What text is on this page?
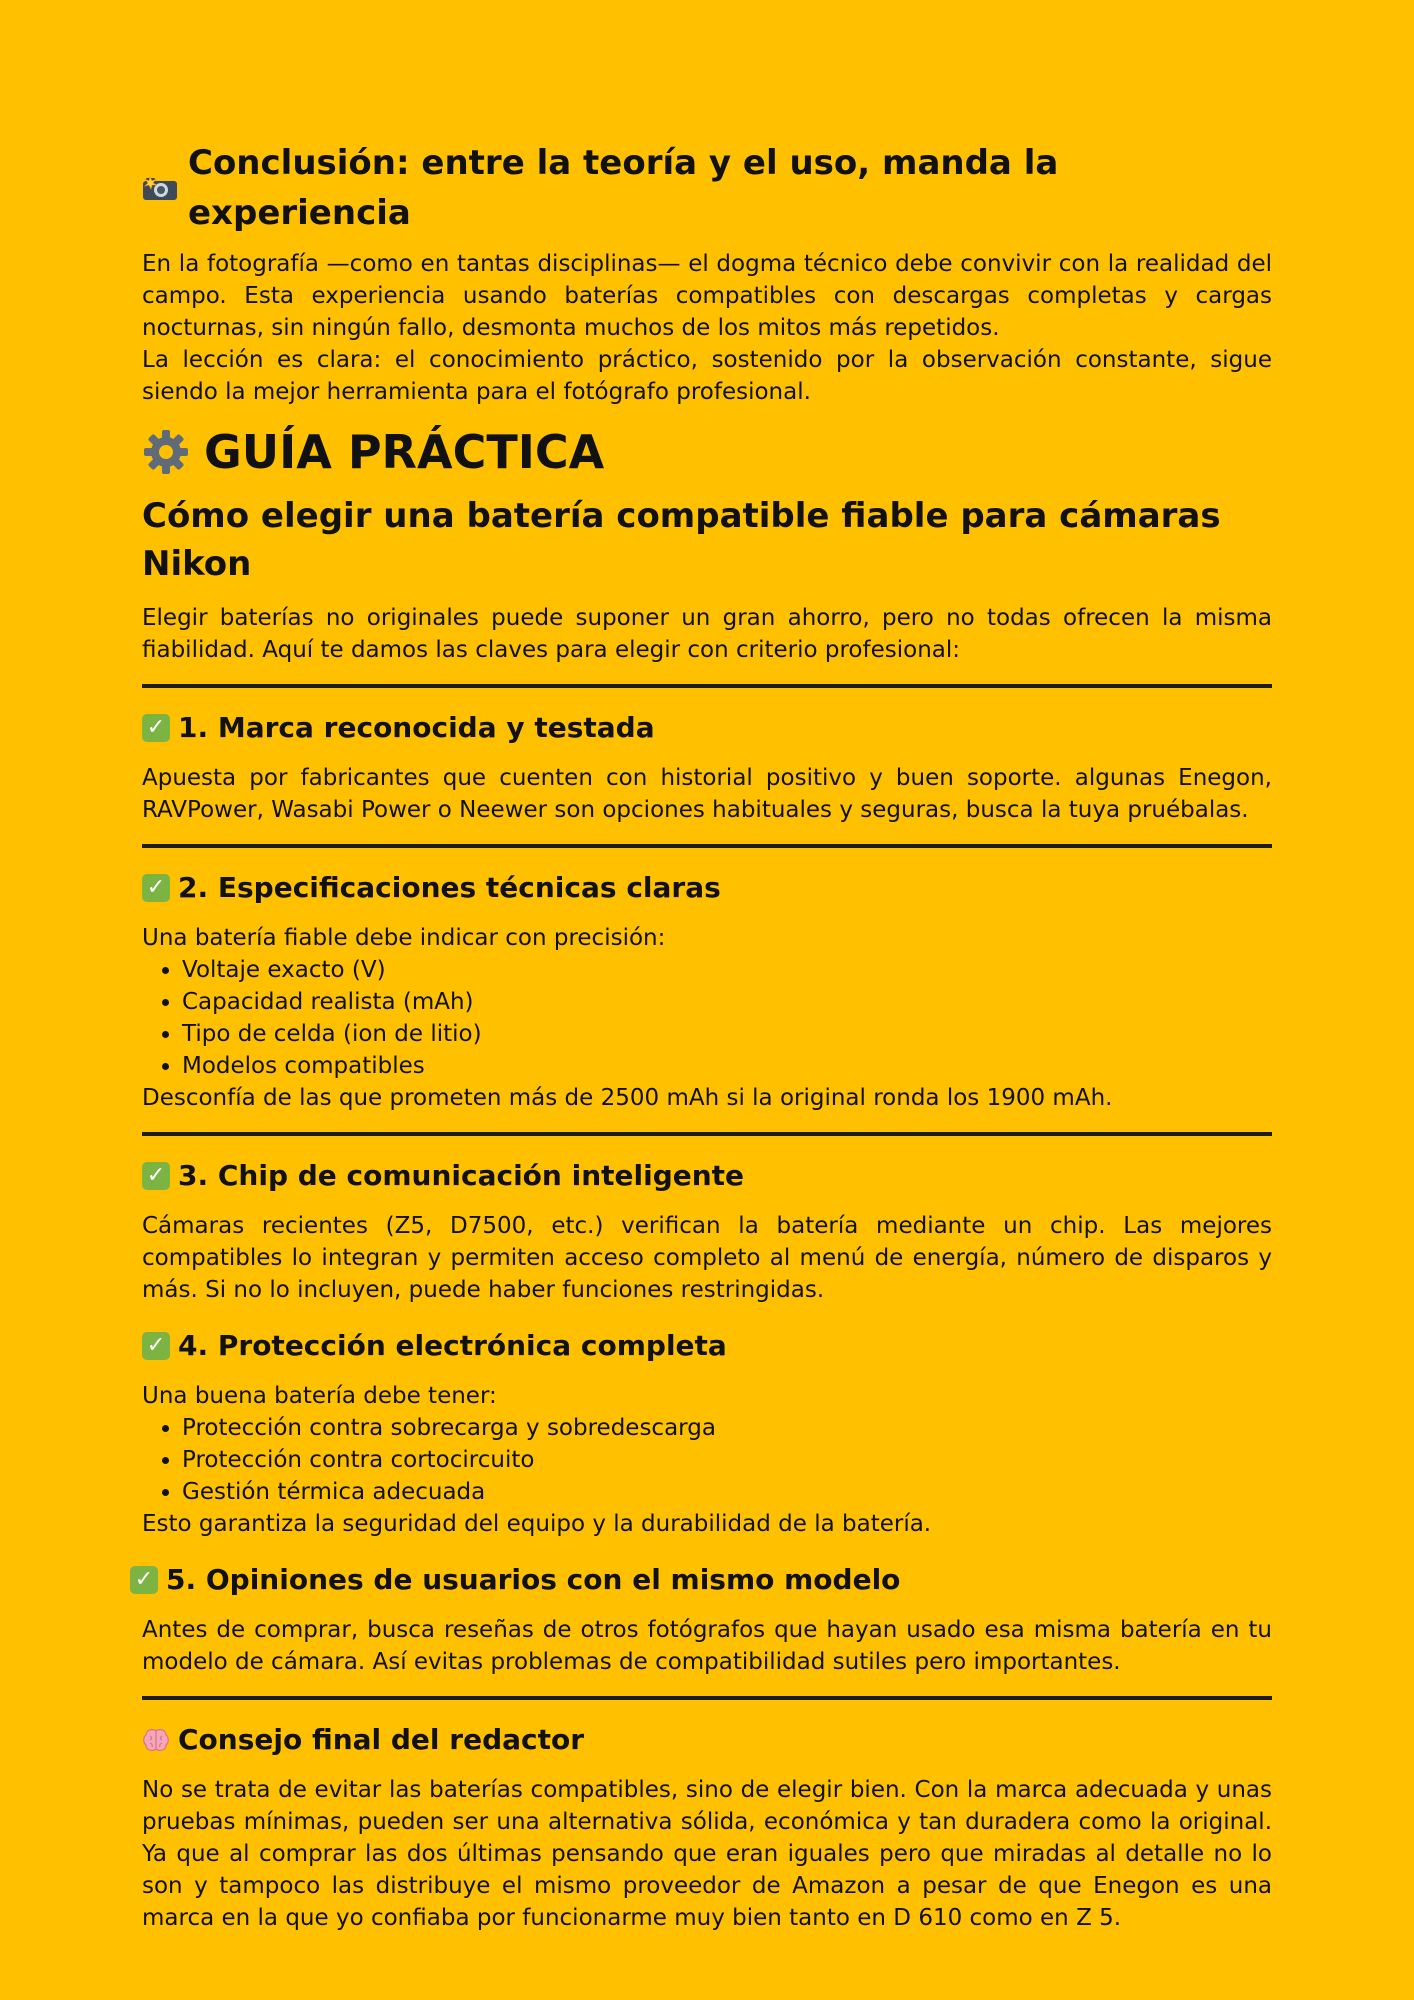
Conclusión: entre la teoría y el uso, manda la experiencia

En la fotografía —como en tantas disciplinas— el dogma técnico debe convivir con la realidad del campo. Esta experiencia usando baterías compatibles con descargas completas y cargas nocturnas, sin ningún fallo, desmonta muchos de los mitos más repetidos.

La lección es clara: el conocimiento práctico, sostenido por la observación constante, sigue siendo la mejor herramienta para el fotógrafo profesional.

GUÍA PRÁCTICA
Cómo elegir una batería compatible fiable para cámaras Nikon

Elegir baterías no originales puede suponer un gran ahorro, pero no todas ofrecen la misma fiabilidad. Aquí te damos las claves para elegir con criterio profesional:

✓ 1. Marca reconocida y testada

Apuesta por fabricantes que cuenten con historial positivo y buen soporte. algunas Enegon, RAVPower, Wasabi Power o Neewer son opciones habituales y seguras, busca la tuya pruébalas.

✓ 2. Especificaciones técnicas claras

Una batería fiable debe indicar con precisión:

• Voltaje exacto (V)
• Capacidad realista (mAh)
• Tipo de celda (ion de litio)
• Modelos compatibles

Desconfía de las que prometen más de 2500 mAh si la original ronda los 1900 mAh.

✓ 3. Chip de comunicación inteligente

Cámaras recientes (Z5, D7500, etc.) verifican la batería mediante un chip. Las mejores compatibles lo integran y permiten acceso completo al menú de energía, número de disparos y más. Si no lo incluyen, puede haber funciones restringidas.

✓ 4. Protección electrónica completa

Una buena batería debe tener:

• Protección contra sobrecarga y sobredescarga
• Protección contra cortocircuito
• Gestión térmica adecuada

Esto garantiza la seguridad del equipo y la durabilidad de la batería.

✓ 5. Opiniones de usuarios con el mismo modelo

Antes de comprar, busca reseñas de otros fotógrafos que hayan usado esa misma batería en tu modelo de cámara. Así evitas problemas de compatibilidad sutiles pero importantes.

Consejo final del redactor

No se trata de evitar las baterías compatibles, sino de elegir bien. Con la marca adecuada y unas pruebas mínimas, pueden ser una alternativa sólida, económica y tan duradera como la original. Ya que al comprar las dos últimas pensando que eran iguales pero que miradas al detalle no lo son y tampoco las distribuye el mismo proveedor de Amazon a pesar de que Enegon es una marca en la que yo confiaba por funcionarme muy bien tanto en D 610 como en Z 5.
